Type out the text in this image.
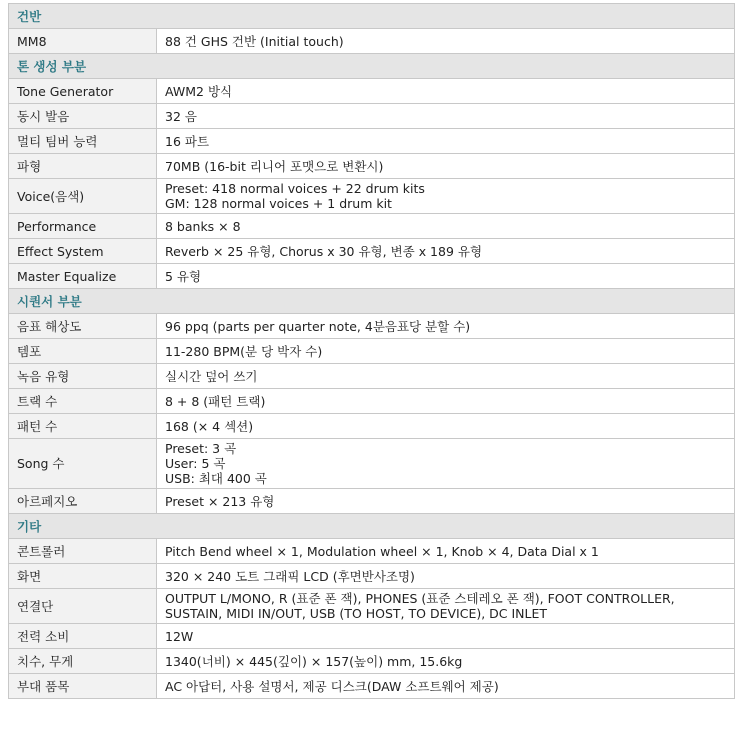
건반	
MM8	88 건 GHS 건반 (Initial touch)

톤 생성 부분	
Tone Generator	AWM2 방식

동시 발음	32 음

멀티 팀버 능력	16 파트

파형	70MB (16-bit 리니어 포맷으로 변환시)

Voice(음색)	Preset: 418 normal voices + 22 drum kits
GM: 128 normal voices + 1 drum kit

Performance	8 banks × 8

Effect System	Reverb × 25 유형, Chorus x 30 유형, 변종 x 189 유형

Master Equalize	5 유형

시퀀서 부분	
음표 해상도	96 ppq (parts per quarter note, 4분음표당 분할 수)

템포	11-280 BPM(분 당 박자 수)

녹음 유형	실시간 덮어 쓰기

트랙 수	8 + 8 (패턴 트랙)

패턴 수	168 (× 4 섹션)

Song 수	Preset: 3 곡
User: 5 곡
USB: 최대 400 곡

아르페지오	Preset × 213 유형

기타	
콘트롤러	Pitch Bend wheel × 1, Modulation wheel × 1, Knob × 4, Data Dial x 1

화면	320 × 240 도트 그래픽 LCD (후면반사조명)

연결단	OUTPUT L/MONO, R (표준 폰 잭), PHONES (표준 스테레오 폰 잭), FOOT CONTROLLER,
SUSTAIN, MIDI IN/OUT, USB (TO HOST, TO DEVICE), DC INLET

전력 소비	12W

치수, 무게	1340(너비) × 445(깊이) × 157(높이) mm, 15.6kg

부대 품목	AC 아답터, 사용 설명서, 제공 디스크(DAW 소프트웨어 제공)
